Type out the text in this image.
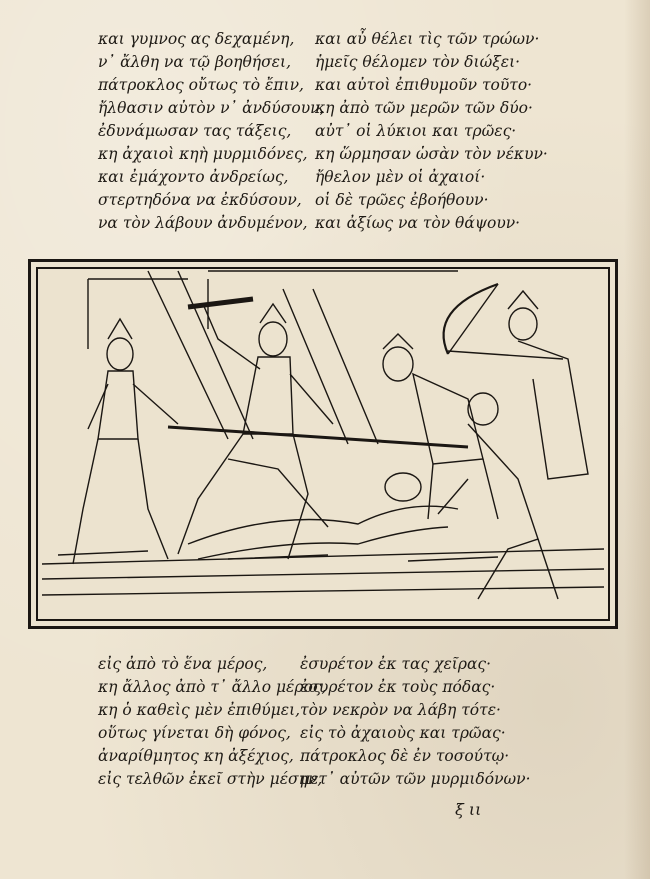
και γυμνος ας δεχαμένη,
ν᾽ ἄλθη να τῷ βοηθήσει,
πάτροκλος οὔτως τὸ ἔπιν,
ἤλθασιν αὐτὸν ν᾽ ἀνδύσουν,
ἐδυνάμωσαν τας τάξεις,
κη ἀχαιοὶ κηὴ μυρμιδόνες,
και ἐμάχοντο ἀνδρείως,
στερτηδόνα να ἐκδύσουν,
να τὸν λάβουν ἀνδυμένον,
και αὖ θέλει τὶς τῶν τρώων·
ἡμεῖς θέλομεν τὸν διώξει·
και αὐτοὶ ἐπιθυμοῦν τοῦτο·
κη ἀπὸ τῶν μερῶν τῶν δύο·
αὐτ᾽ οἱ λύκιοι και τρῶες·
κη ὥρμησαν ὡσὰν τὸν νέκυν·
ἤθελον μὲν οἱ ἀχαιοί·
οἱ δὲ τρῶες ἐβοήθουν·
και ἀξίως να τὸν θάψουν·
εἰς ἀπὸ τὸ ἕνα μέρος,
κη ἄλλος ἀπὸ τ᾽ ἄλλο μέρος,
κη ὁ καθεὶς μὲν ἐπιθύμει,
οὕτως γίνεται δὴ φόνος,
ἀναρίθμητος κη ἀξέχιος,
εἰς τελθῶν ἐκεῖ στὴν μέσην,
ἐσυρέτον ἐκ τας χεῖρας·
ἐσυρέτον ἐκ τοὺς πόδας·
τὸν νεκρὸν να λάβη τότε·
εἰς τὸ ἀχαιοὺς και τρῶας·
πάτροκλος δὲ ἐν τοσούτῳ·
μετ᾽ αὐτῶν τῶν μυρμιδόνων·
ξ ιι
